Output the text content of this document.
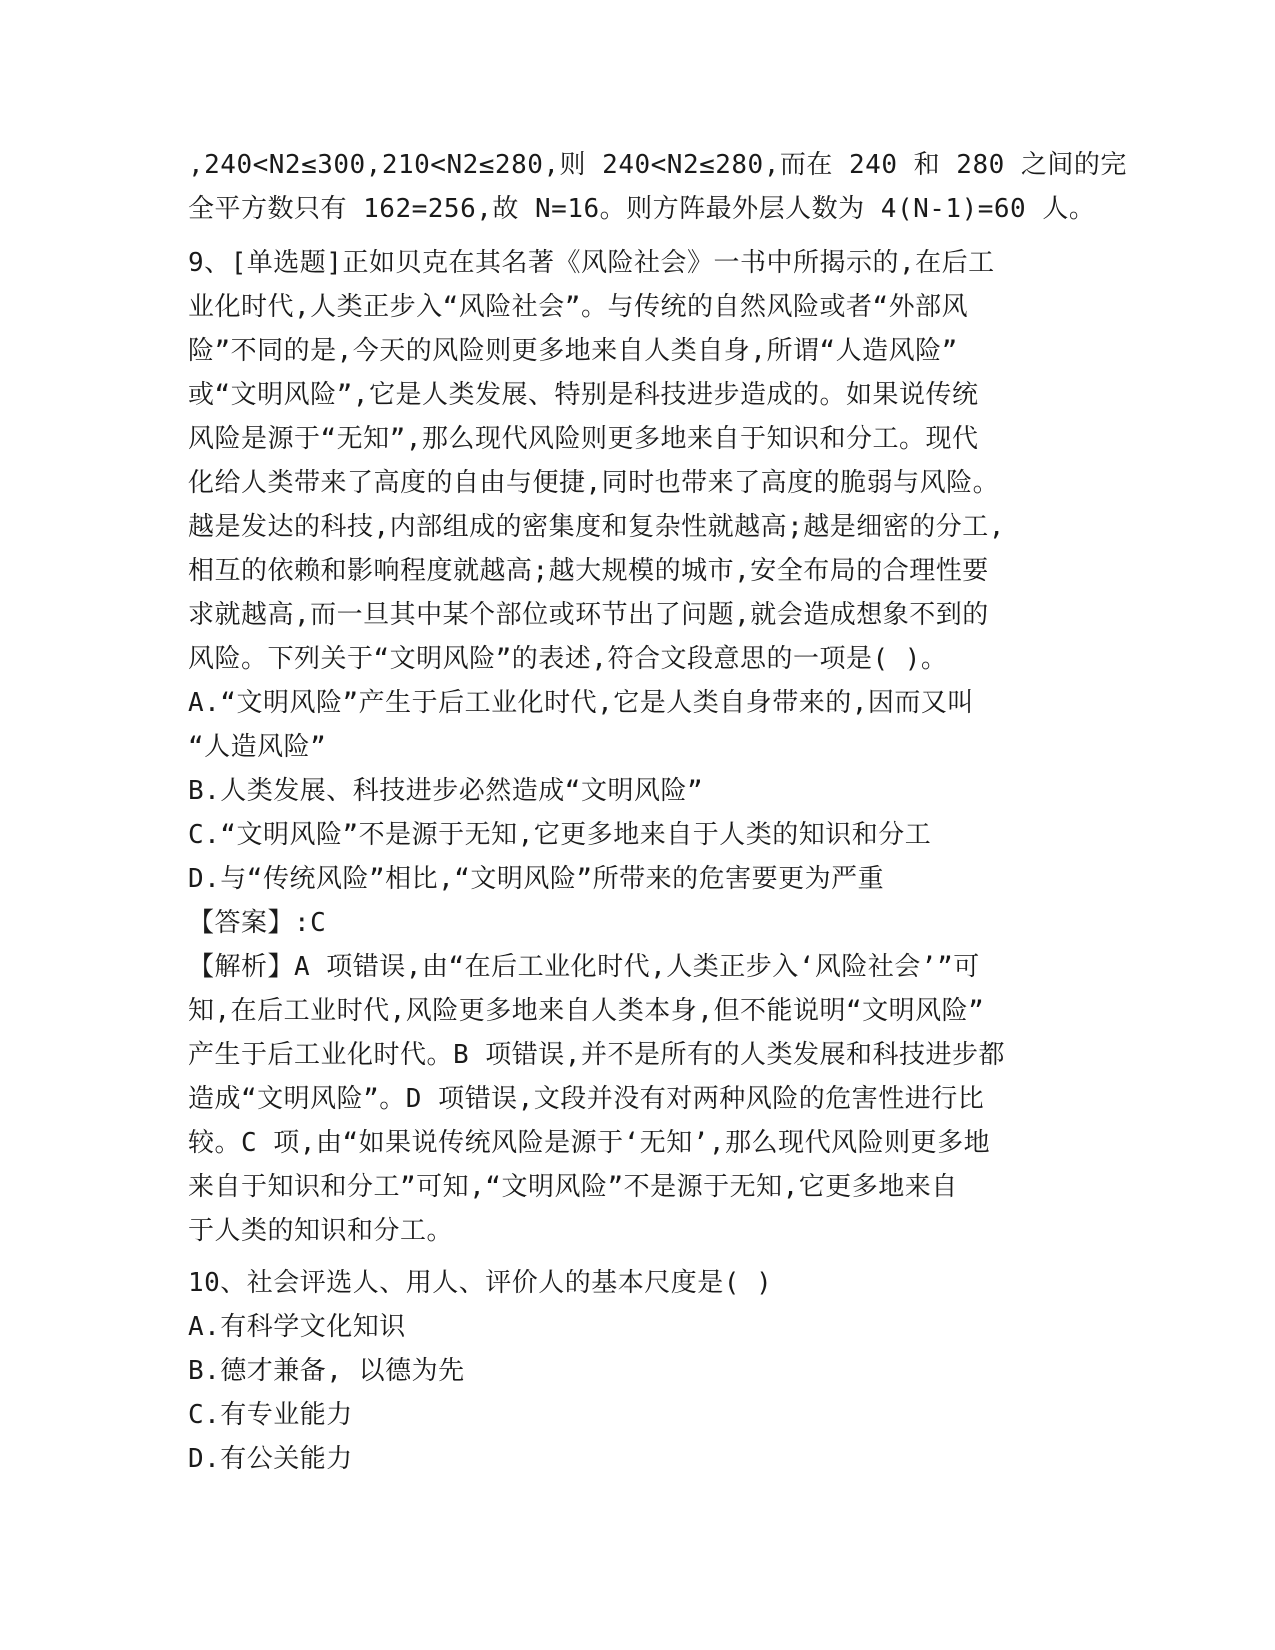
,240<N2≤300,210<N2≤280,则 240<N2≤280,而在 240 和 280 之间的完

全平方数只有 162=256,故 N=16。则方阵最外层人数为 4(N-1)=60 人。

9、[单选题]正如贝克在其名著《风险社会》一书中所揭示的,在后工

业化时代,人类正步入“风险社会”。与传统的自然风险或者“外部风

险”不同的是,今天的风险则更多地来自人类自身,所谓“人造风险”

或“文明风险”,它是人类发展、特别是科技进步造成的。如果说传统

风险是源于“无知”,那么现代风险则更多地来自于知识和分工。现代

化给人类带来了高度的自由与便捷,同时也带来了高度的脆弱与风险。

越是发达的科技,内部组成的密集度和复杂性就越高;越是细密的分工,

相互的依赖和影响程度就越高;越大规模的城市,安全布局的合理性要

求就越高,而一旦其中某个部位或环节出了问题,就会造成想象不到的

风险。下列关于“文明风险”的表述,符合文段意思的一项是( )。

A.“文明风险”产生于后工业化时代,它是人类自身带来的,因而又叫

“人造风险”

B.人类发展、科技进步必然造成“文明风险”

C.“文明风险”不是源于无知,它更多地来自于人类的知识和分工

D.与“传统风险”相比,“文明风险”所带来的危害要更为严重

【答案】:C

【解析】A 项错误,由“在后工业化时代,人类正步入‘风险社会’”可

知,在后工业时代,风险更多地来自人类本身,但不能说明“文明风险”

产生于后工业化时代。B 项错误,并不是所有的人类发展和科技进步都

造成“文明风险”。D 项错误,文段并没有对两种风险的危害性进行比

较。C 项,由“如果说传统风险是源于‘无知’,那么现代风险则更多地

来自于知识和分工”可知,“文明风险”不是源于无知,它更多地来自

于人类的知识和分工。

10、社会评选人、用人、评价人的基本尺度是( )

A.有科学文化知识

B.德才兼备, 以德为先

C.有专业能力

D.有公关能力
